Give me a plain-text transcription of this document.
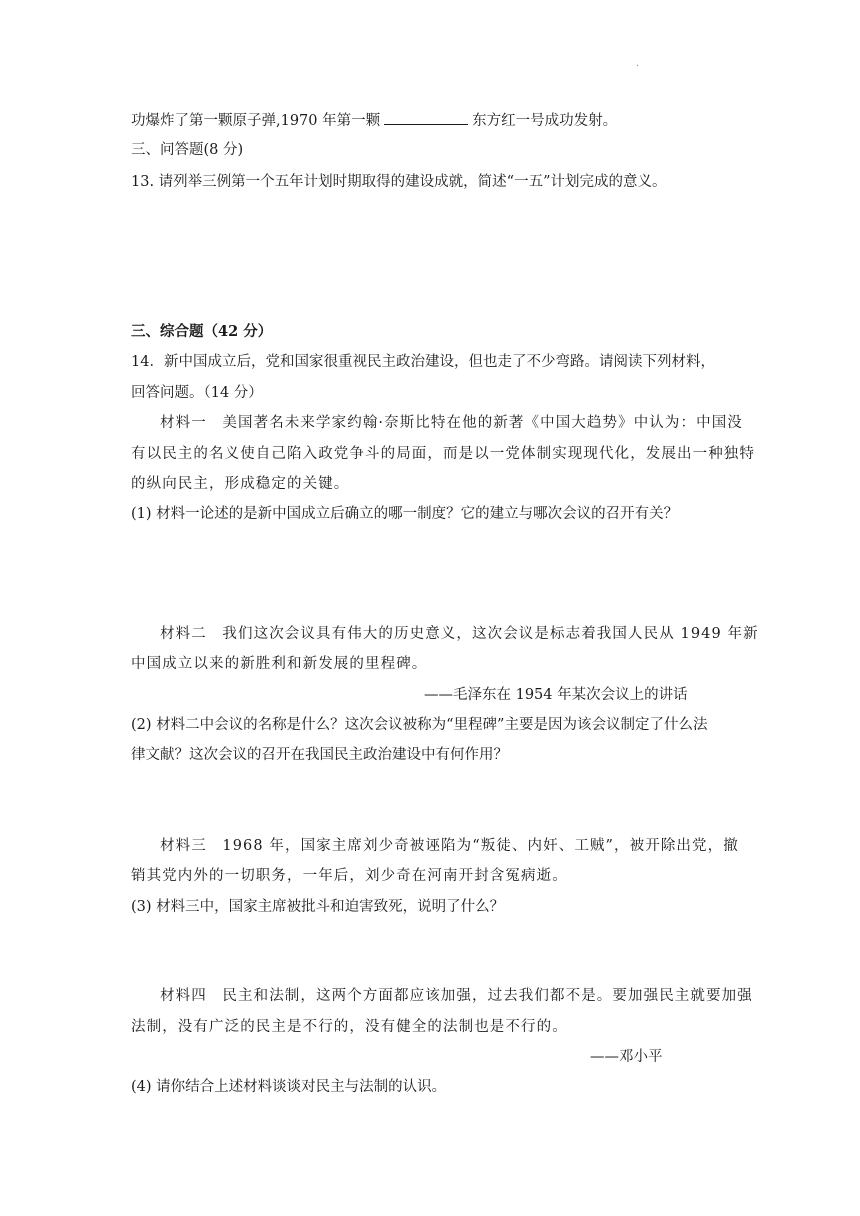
.
功爆炸了第一颗原子弹,1970 年第一颗	东方红一号成功发射。
三、问答题(8 分)
13. 请列举三例第一个五年计划时期取得的建设成就，简述“一五”计划完成的意义。
三、综合题（42 分）
14．新中国成立后，党和国家很重视民主政治建设，但也走了不少弯路。请阅读下列材料，
回答问题。（14 分）
材料一　美国著名未来学家约翰·奈斯比特在他的新著《中国大趋势》中认为：中国没
有以民主的名义使自己陷入政党争斗的局面，而是以一党体制实现现代化，发展出一种独特
的纵向民主，形成稳定的关键。
(1) 材料一论述的是新中国成立后确立的哪一制度？它的建立与哪次会议的召开有关？
材料二　我们这次会议具有伟大的历史意义，这次会议是标志着我国人民从 1949 年新
中国成立以来的新胜利和新发展的里程碑。
——毛泽东在 1954 年某次会议上的讲话
(2) 材料二中会议的名称是什么？这次会议被称为“里程碑”主要是因为该会议制定了什么法
律文献？这次会议的召开在我国民主政治建设中有何作用？
材料三　1968 年，国家主席刘少奇被诬陷为“叛徒、内奸、工贼”，被开除出党，撤
销其党内外的一切职务，一年后，刘少奇在河南开封含冤病逝。
(3) 材料三中，国家主席被批斗和迫害致死，说明了什么？
材料四　民主和法制，这两个方面都应该加强，过去我们都不是。要加强民主就要加强
法制，没有广泛的民主是不行的，没有健全的法制也是不行的。
——邓小平
(4) 请你结合上述材料谈谈对民主与法制的认识。
